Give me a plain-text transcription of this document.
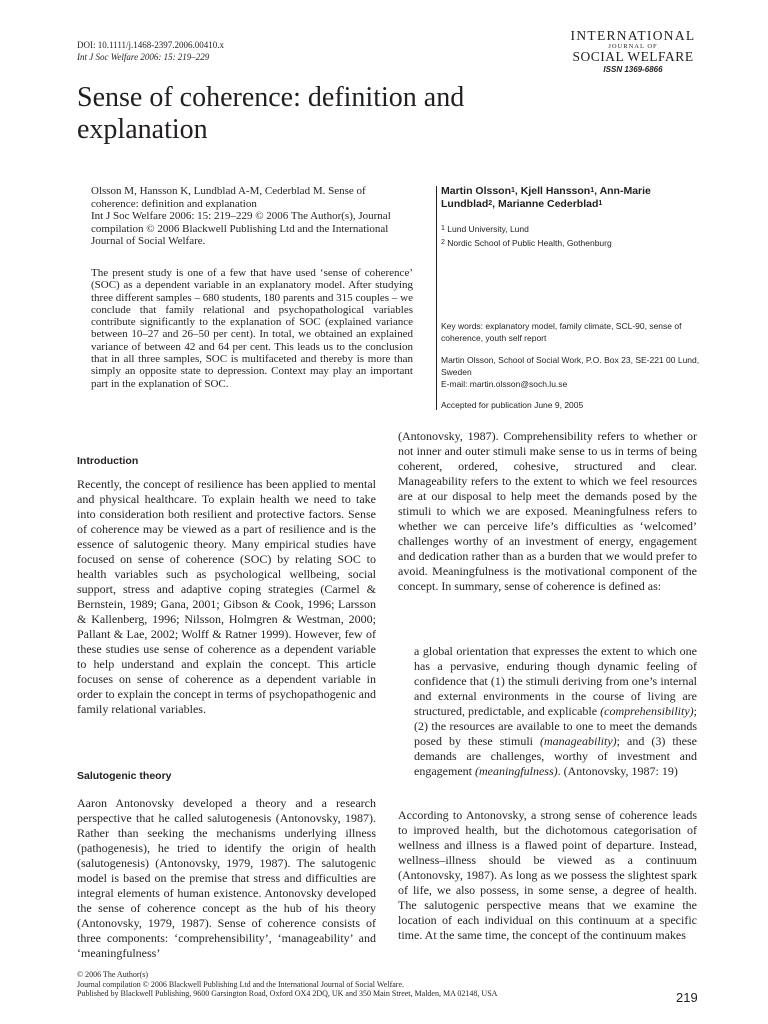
DOI: 10.1111/j.1468-2397.2006.00410.x
Int J Soc Welfare 2006: 15: 219–229
INTERNATIONAL
JOURNAL OF
SOCIAL WELFARE
ISSN 1369-6866
Sense of coherence: definition and explanation
Olsson M, Hansson K, Lundblad A-M, Cederblad M. Sense of coherence: definition and explanation
Int J Soc Welfare 2006: 15: 219–229 © 2006 The Author(s), Journal compilation © 2006 Blackwell Publishing Ltd and the International Journal of Social Welfare.

The present study is one of a few that have used ‘sense of coherence’ (SOC) as a dependent variable in an explanatory model. After studying three different samples – 680 students, 180 parents and 315 couples – we conclude that family relational and psychopathological variables contribute significantly to the explanation of SOC (explained variance between 10–27 and 26–50 per cent). In total, we obtained an explained variance of between 42 and 64 per cent. This leads us to the conclusion that in all three samples, SOC is multifaceted and thereby is more than simply an opposite state to depression. Context may play an important part in the explanation of SOC.

Martin Olsson$^1$, Kjell Hansson$^1$, Ann-Marie Lundblad$^2$, Marianne Cederblad$^1$
$^1$ Lund University, Lund
$^2$ Nordic School of Public Health, Gothenburg
Key words: explanatory model, family climate, SCL-90, sense of coherence, youth self report
Martin Olsson, School of Social Work, P.O. Box 23, SE-221 00 Lund, Sweden
E-mail: martin.olsson@soch.lu.se
Accepted for publication June 9, 2005
Introduction

Recently, the concept of resilience has been applied to mental and physical healthcare. To explain health we need to take into consideration both resilient and protective factors. Sense of coherence may be viewed as a part of resilience and is the essence of salutogenic theory. Many empirical studies have focused on sense of coherence (SOC) by relating SOC to health variables such as psychological wellbeing, social support, stress and adaptive coping strategies (Carmel & Bernstein, 1989; Gana, 2001; Gibson & Cook, 1996; Larsson & Kallenberg, 1996; Nilsson, Holmgren & Westman, 2000; Pallant & Lae, 2002; Wolff & Ratner 1999). However, few of these studies use sense of coherence as a dependent variable to help understand and explain the concept. This article focuses on sense of coherence as a dependent variable in order to explain the concept in terms of psychopathogenic and family relational variables.

Salutogenic theory

Aaron Antonovsky developed a theory and a research perspective that he called salutogenesis (Antonovsky, 1987). Rather than seeking the mechanisms underlying illness (pathogenesis), he tried to identify the origin of health (salutogenesis) (Antonovsky, 1979, 1987). The salutogenic model is based on the premise that stress and difficulties are integral elements of human existence. Antonovsky developed the sense of coherence concept as the hub of his theory (Antonovsky, 1979, 1987). Sense of coherence consists of three components: ‘comprehensibility’, ‘manageability’ and ‘meaningfulness’

(Antonovsky, 1987). Comprehensibility refers to whether or not inner and outer stimuli make sense to us in terms of being coherent, ordered, cohesive, structured and clear. Manageability refers to the extent to which we feel resources are at our disposal to help meet the demands posed by the stimuli to which we are exposed. Meaningfulness refers to whether we can perceive life’s difficulties as ‘welcomed’ challenges worthy of an investment of energy, engagement and dedication rather than as a burden that we would prefer to avoid. Meaningfulness is the motivational component of the concept. In summary, sense of coherence is defined as:

a global orientation that expresses the extent to which one has a pervasive, enduring though dynamic feeling of confidence that (1) the stimuli deriving from one’s internal and external environments in the course of living are structured, predictable, and explicable (comprehensibility); (2) the resources are available to one to meet the demands posed by these stimuli (manageability); and (3) these demands are challenges, worthy of investment and engagement (meaningfulness). (Antonovsky, 1987: 19)

According to Antonovsky, a strong sense of coherence leads to improved health, but the dichotomous categorisation of wellness and illness is a flawed point of departure. Instead, wellness–illness should be viewed as a continuum (Antonovsky, 1987). As long as we possess the slightest spark of life, we also possess, in some sense, a degree of health. The salutogenic perspective means that we examine the location of each individual on this continuum at a specific time. At the same time, the concept of the continuum makes

© 2006 The Author(s)
Journal compilation © 2006 Blackwell Publishing Ltd and the International Journal of Social Welfare.
Published by Blackwell Publishing, 9600 Garsington Road, Oxford OX4 2DQ, UK and 350 Main Street, Malden, MA 02148, USA	219
